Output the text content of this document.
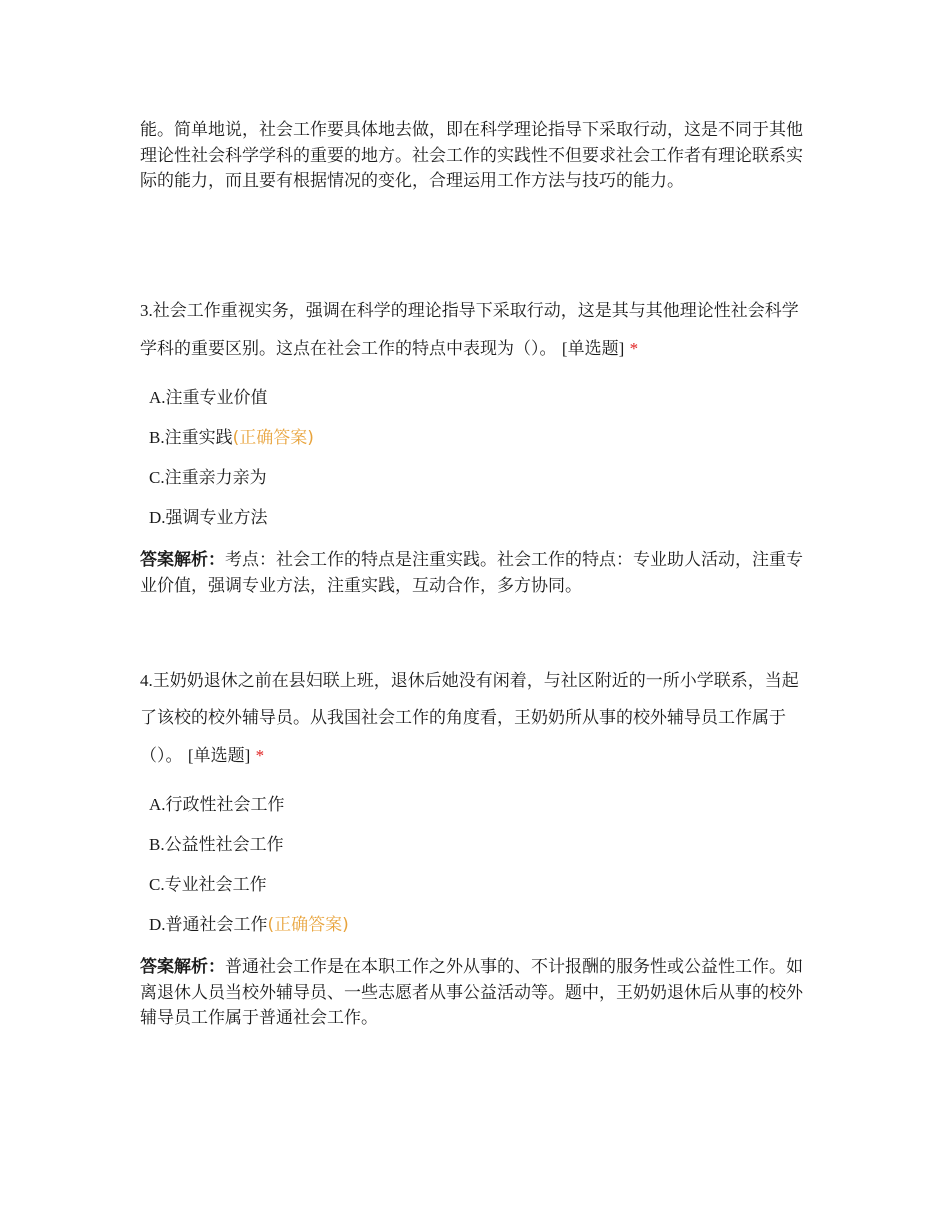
能。简单地说，社会工作要具体地去做，即在科学理论指导下采取行动，这是不同于其他理论性社会科学学科的重要的地方。社会工作的实践性不但要求社会工作者有理论联系实际的能力，而且要有根据情况的变化，合理运用工作方法与技巧的能力。

3.社会工作重视实务，强调在科学的理论指导下采取行动，这是其与其他理论性社会科学学科的重要区别。这点在社会工作的特点中表现为（）。 [单选题] *

A.注重专业价值
B.注重实践(正确答案)
C.注重亲力亲为
D.强调专业方法

答案解析：考点：社会工作的特点是注重实践。社会工作的特点：专业助人活动，注重专业价值，强调专业方法，注重实践，互动合作，多方协同。

4.王奶奶退休之前在县妇联上班，退休后她没有闲着，与社区附近的一所小学联系，当起了该校的校外辅导员。从我国社会工作的角度看，王奶奶所从事的校外辅导员工作属于（）。 [单选题] *

A.行政性社会工作
B.公益性社会工作
C.专业社会工作
D.普通社会工作(正确答案)

答案解析：普通社会工作是在本职工作之外从事的、不计报酬的服务性或公益性工作。如离退休人员当校外辅导员、一些志愿者从事公益活动等。题中，王奶奶退休后从事的校外辅导员工作属于普通社会工作。
